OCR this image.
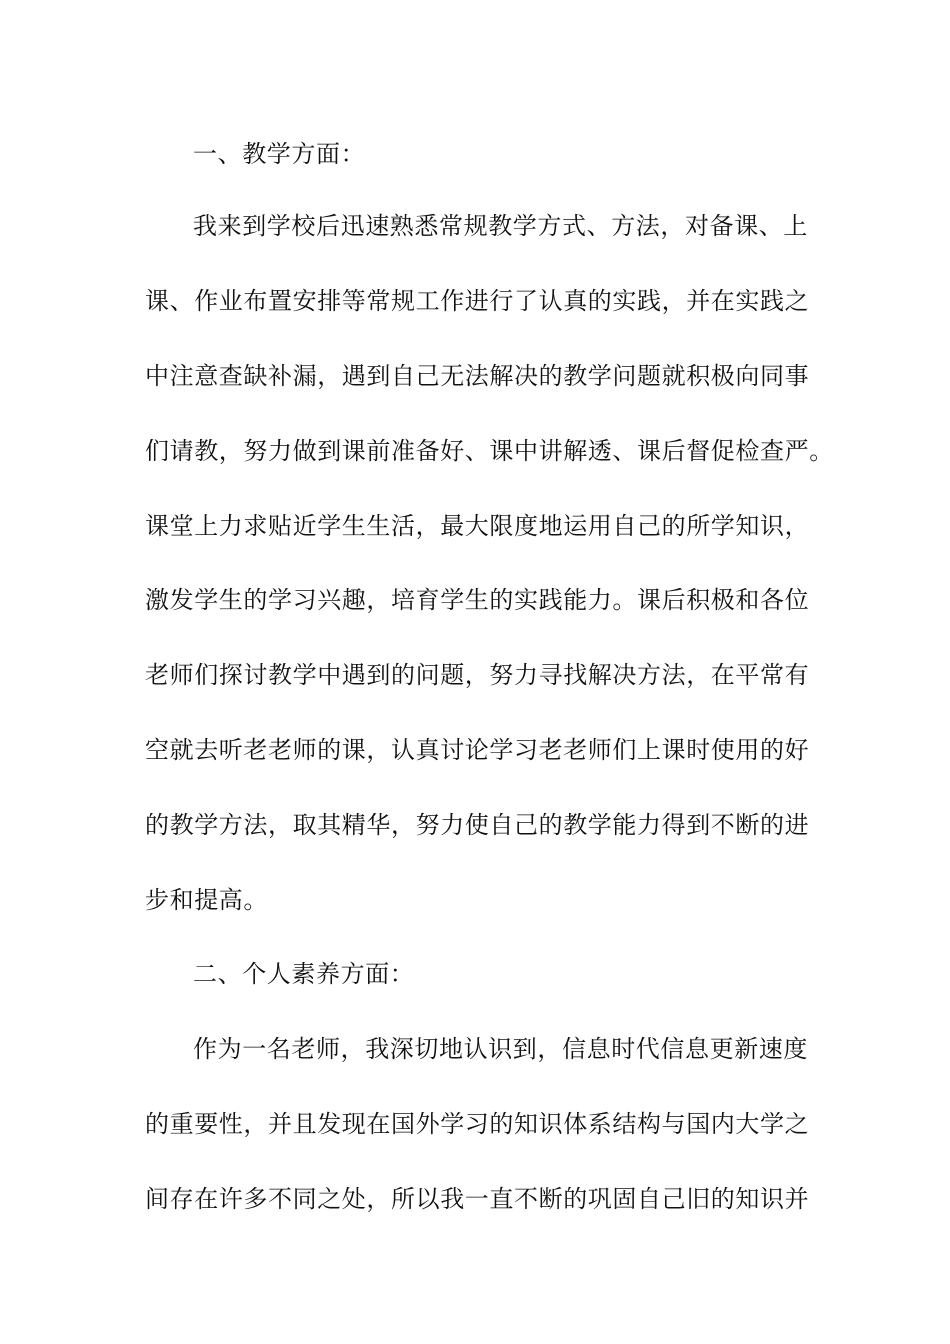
一、教学方面：
我来到学校后迅速熟悉常规教学方式、方法，对备课、上
课、作业布置安排等常规工作进行了认真的实践，并在实践之
中注意查缺补漏，遇到自己无法解决的教学问题就积极向同事
们请教，努力做到课前准备好、课中讲解透、课后督促检查严。
课堂上力求贴近学生生活，最大限度地运用自己的所学知识，
激发学生的学习兴趣，培育学生的实践能力。课后积极和各位
老师们探讨教学中遇到的问题，努力寻找解决方法，在平常有
空就去听老老师的课，认真讨论学习老老师们上课时使用的好
的教学方法，取其精华，努力使自己的教学能力得到不断的进
步和提高。
二、个人素养方面：
作为一名老师，我深切地认识到，信息时代信息更新速度
的重要性，并且发现在国外学习的知识体系结构与国内大学之
间存在许多不同之处，所以我一直不断的巩固自己旧的知识并
